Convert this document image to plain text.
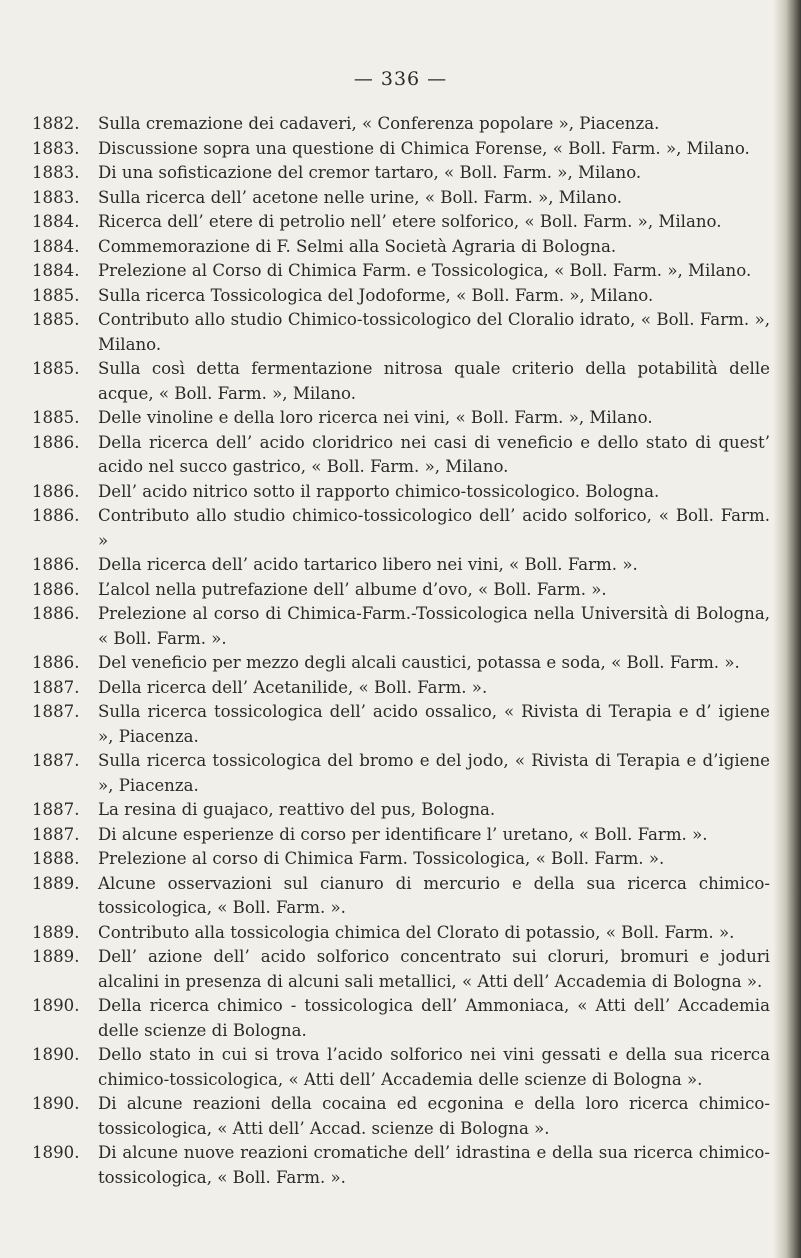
— 336 —
1882.	Sulla cremazione dei cadaveri, « Conferenza popolare », Piacenza.
1883.	Discussione sopra una questione di Chimica Forense, « Boll. Farm. », Milano.
1883.	Di una sofisticazione del cremor tartaro, « Boll. Farm. », Milano.
1883.	Sulla ricerca dell’ acetone nelle urine, « Boll. Farm. », Milano.
1884.	Ricerca dell’ etere di petrolio nell’ etere solforico, « Boll. Farm. », Milano.
1884.	Commemorazione di F. Selmi alla Società Agraria di Bologna.
1884.	Prelezione al Corso di Chimica Farm. e Tossicologica, « Boll. Farm. », Milano.
1885.	Sulla ricerca Tossicologica del Jodoforme, « Boll. Farm. », Milano.
1885.	Contributo allo studio Chimico-tossicologico del Cloralio idrato, « Boll. Farm. », Milano.
1885.	Sulla così detta fermentazione nitrosa quale criterio della potabilità delle acque, « Boll. Farm. », Milano.
1885.	Delle vinoline e della loro ricerca nei vini, « Boll. Farm. », Milano.
1886.	Della ricerca dell’ acido cloridrico nei casi di veneficio e dello stato di quest’ acido nel succo gastrico, « Boll. Farm. », Milano.
1886.	Dell’ acido nitrico sotto il rapporto chimico-tossicologico. Bologna.
1886.	Contributo allo studio chimico-tossicologico dell’ acido solforico, « Boll. Farm. »
1886.	Della ricerca dell’ acido tartarico libero nei vini, « Boll. Farm. ».
1886.	L’alcol nella putrefazione dell’ albume d’ovo, « Boll. Farm. ».
1886.	Prelezione al corso di Chimica-Farm.-Tossicologica nella Università di Bologna, « Boll. Farm. ».
1886.	Del veneficio per mezzo degli alcali caustici, potassa e soda, « Boll. Farm. ».
1887.	Della ricerca dell’ Acetanilide, « Boll. Farm. ».
1887.	Sulla ricerca tossicologica dell’ acido ossalico, « Rivista di Terapia e d’ igiene », Piacenza.
1887.	Sulla ricerca tossicologica del bromo e del jodo, « Rivista di Terapia e d’igiene », Piacenza.
1887.	La resina di guajaco, reattivo del pus, Bologna.
1887.	Di alcune esperienze di corso per identificare l’ uretano, « Boll. Farm. ».
1888.	Prelezione al corso di Chimica Farm. Tossicologica, « Boll. Farm. ».
1889.	Alcune osservazioni sul cianuro di mercurio e della sua ricerca chimico-tossicologica, « Boll. Farm. ».
1889.	Contributo alla tossicologia chimica del Clorato di potassio, « Boll. Farm. ».
1889.	Dell’ azione dell’ acido solforico concentrato sui cloruri, bromuri e joduri alcalini in presenza di alcuni sali metallici, « Atti dell’ Accademia di Bologna ».
1890.	Della ricerca chimico - tossicologica dell’ Ammoniaca, « Atti dell’ Accademia delle scienze di Bologna.
1890.	Dello stato in cui si trova l’acido solforico nei vini gessati e della sua ricerca chimico-tossicologica, « Atti dell’ Accademia delle scienze di Bologna ».
1890.	Di alcune reazioni della cocaina ed ecgonina e della loro ricerca chimico-tossicologica, « Atti dell’ Accad. scienze di Bologna ».
1890.	Di alcune nuove reazioni cromatiche dell’ idrastina e della sua ricerca chimico-tossicologica, « Boll. Farm. ».
